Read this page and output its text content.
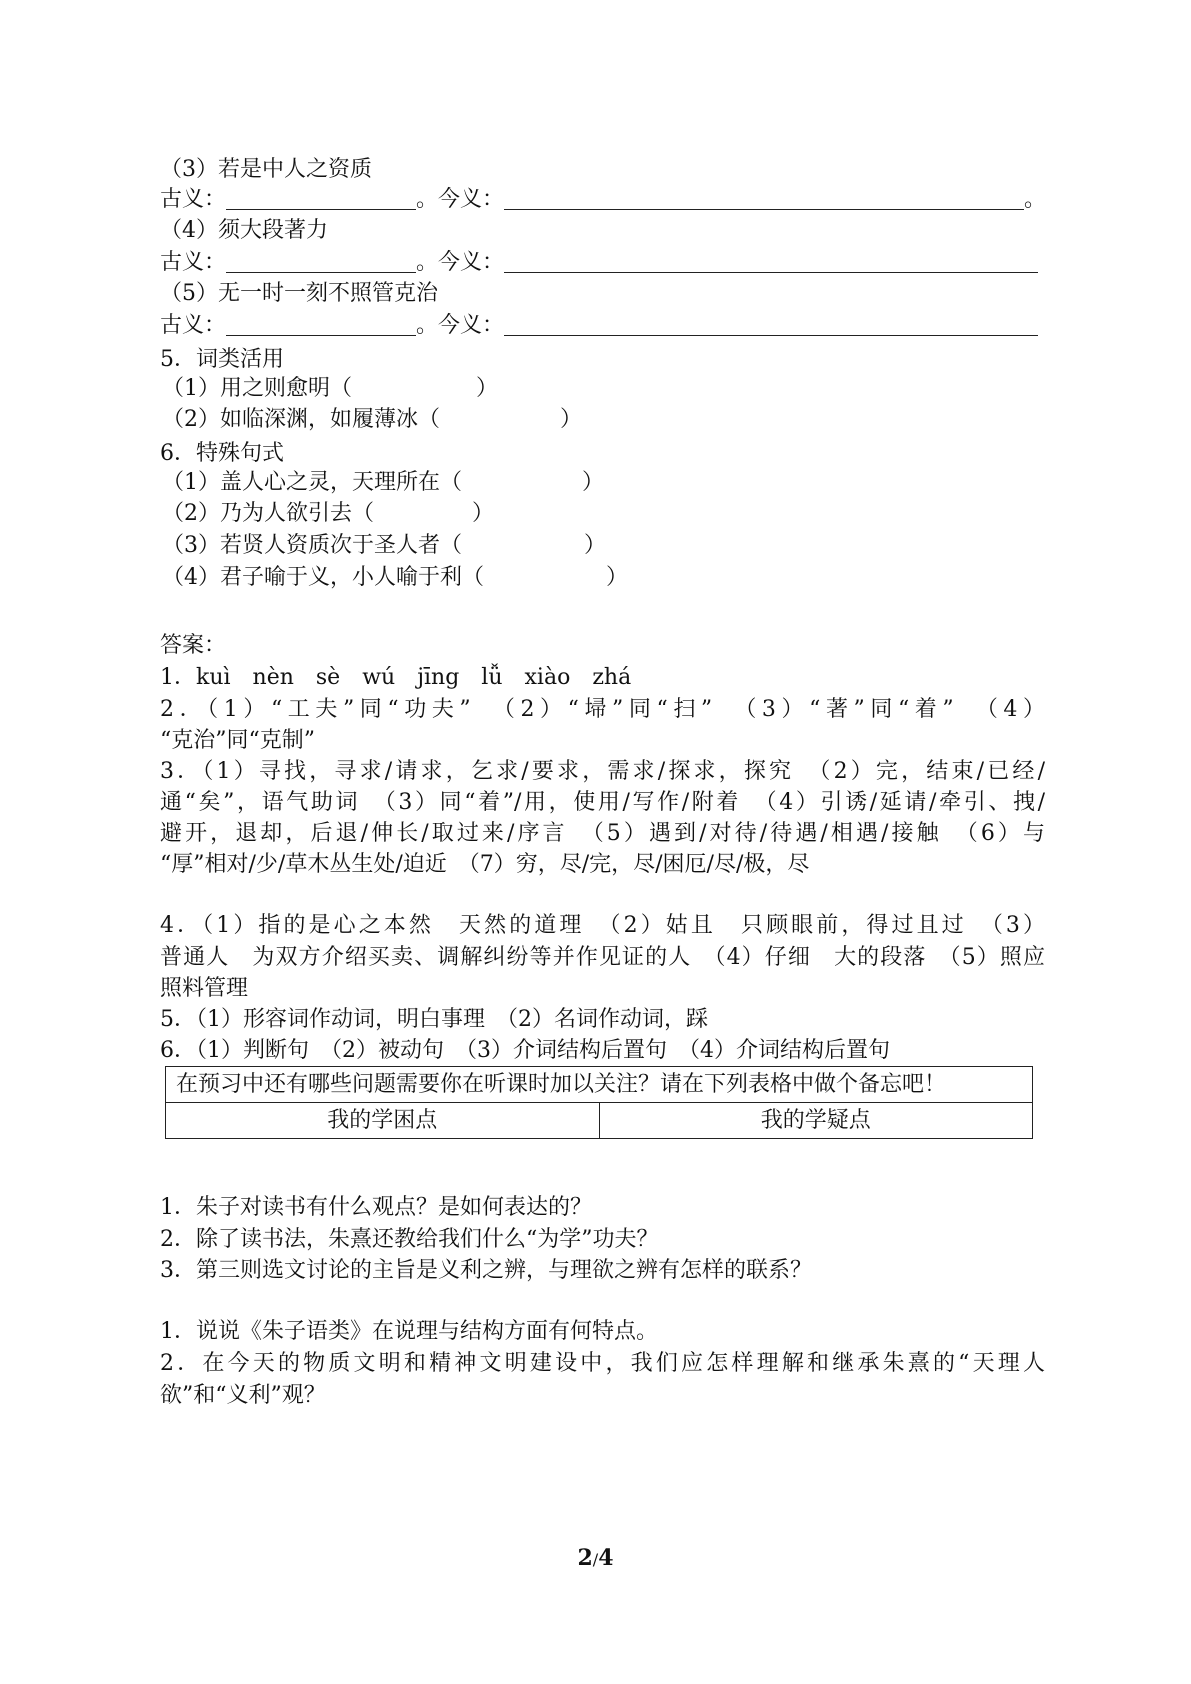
（3）若是中人之资质
古义：	。今义：	。
（4）须大段著力
古义：	。今义：
（5）无一时一刻不照管克治
古义：	。今义：
5．词类活用
（1）用之则愈明（	）
（2）如临深渊，如履薄冰（	）
6．特殊句式
（1）盖人心之灵，天理所在（	）
（2）乃为人欲引去（	）
（3）若贤人资质次于圣人者（	）
（4）君子喻于义，小人喻于利（	）
答案：
1．kuì　nèn　sè　wú　jīng　lǚ　xiào　zhá
2．（1）“工夫”同“功夫”　（2）“埽”同“扫”　（3）“著”同“着”　（4）
“克治”同“克制”
3．（1）寻找，寻求/请求，乞求/要求，需求/探求，探究　（2）完，结束/已经/
通“矣”，语气助词　（3）同“着”/用，使用/写作/附着　（4）引诱/延请/牵引、拽/
避开，退却，后退/伸长/取过来/序言　（5）遇到/对待/待遇/相遇/接触　（6）与
“厚”相对/少/草木丛生处/迫近　（7）穷，尽/完，尽/困厄/尽/极，尽
4．（1）指的是心之本然　天然的道理　（2）姑且　只顾眼前，得过且过　（3）
普通人　为双方介绍买卖、调解纠纷等并作见证的人　（4）仔细　大的段落　（5）照应
照料管理
5．（1）形容词作动词，明白事理　（2）名词作动词，踩
6．（1）判断句　（2）被动句　（3）介词结构后置句　（4）介词结构后置句
在预习中还有哪些问题需要你在听课时加以关注？请在下列表格中做个备忘吧！
我的学困点	我的学疑点
1．朱子对读书有什么观点？是如何表达的？
2．除了读书法，朱熹还教给我们什么“为学”功夫？
3．第三则选文讨论的主旨是义利之辨，与理欲之辨有怎样的联系？
1．说说《朱子语类》在说理与结构方面有何特点。
2．在今天的物质文明和精神文明建设中，我们应怎样理解和继承朱熹的“天理人
欲”和“义利”观？
2/4
